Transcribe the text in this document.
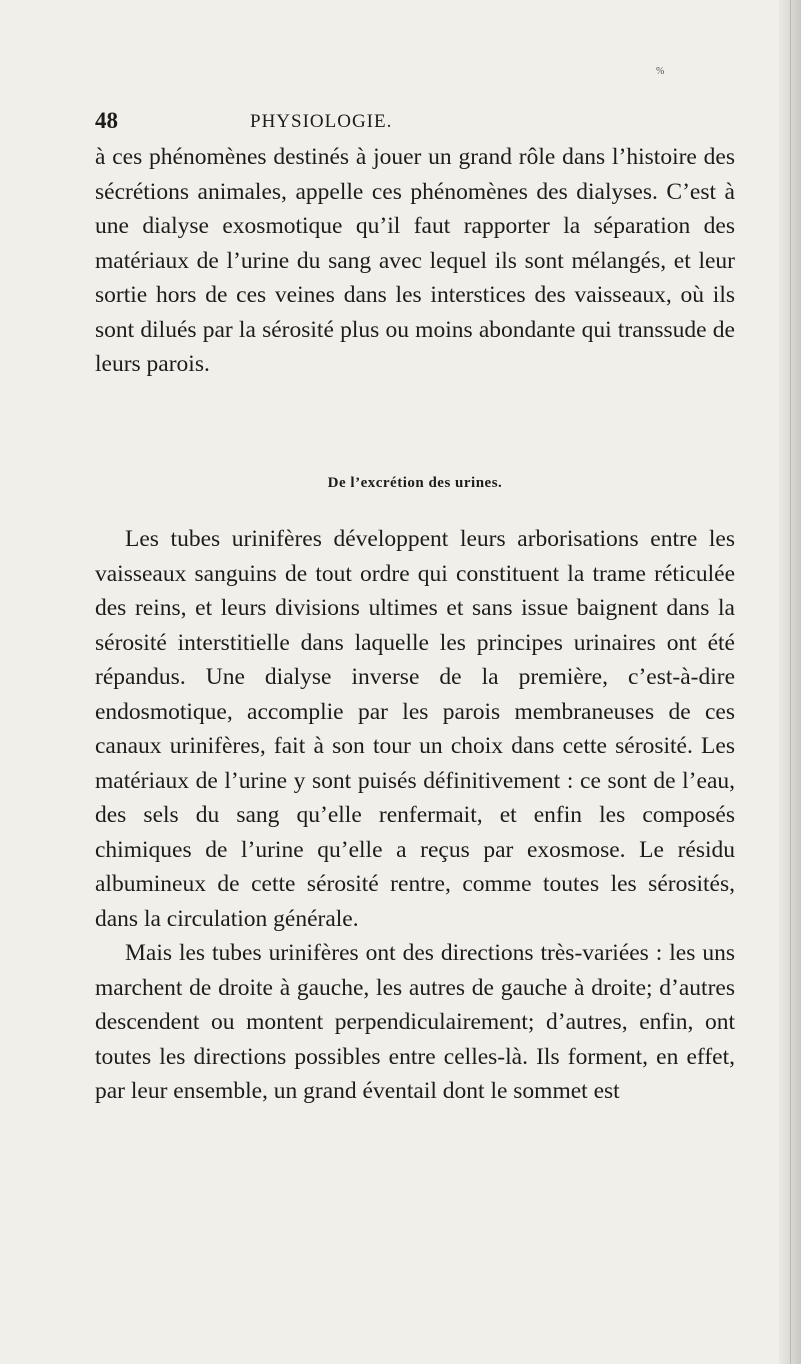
%
48	PHYSIOLOGIE.
à ces phénomènes destinés à jouer un grand rôle dans l’histoire des sécrétions animales, appelle ces phénomènes des dialyses. C’est à une dialyse exosmotique qu’il faut rapporter la séparation des matériaux de l’urine du sang avec lequel ils sont mélangés, et leur sortie hors de ces veines dans les interstices des vaisseaux, où ils sont dilués par la sérosité plus ou moins abondante qui transsude de leurs parois.
De l’excrétion des urines.
Les tubes urinifères développent leurs arborisations entre les vaisseaux sanguins de tout ordre qui constituent la trame réticulée des reins, et leurs divisions ultimes et sans issue baignent dans la sérosité interstitielle dans laquelle les principes urinaires ont été répandus. Une dialyse inverse de la première, c’est-à-dire endosmotique, accomplie par les parois membraneuses de ces canaux urinifères, fait à son tour un choix dans cette sérosité. Les matériaux de l’urine y sont puisés définitivement : ce sont de l’eau, des sels du sang qu’elle renfermait, et enfin les composés chimiques de l’urine qu’elle a reçus par exosmose. Le résidu albumineux de cette sérosité rentre, comme toutes les sérosités, dans la circulation générale.
Mais les tubes urinifères ont des directions très-variées : les uns marchent de droite à gauche, les autres de gauche à droite; d’autres descendent ou montent perpendiculairement; d’autres, enfin, ont toutes les directions possibles entre celles-là. Ils forment, en effet, par leur ensemble, un grand éventail dont le sommet est
